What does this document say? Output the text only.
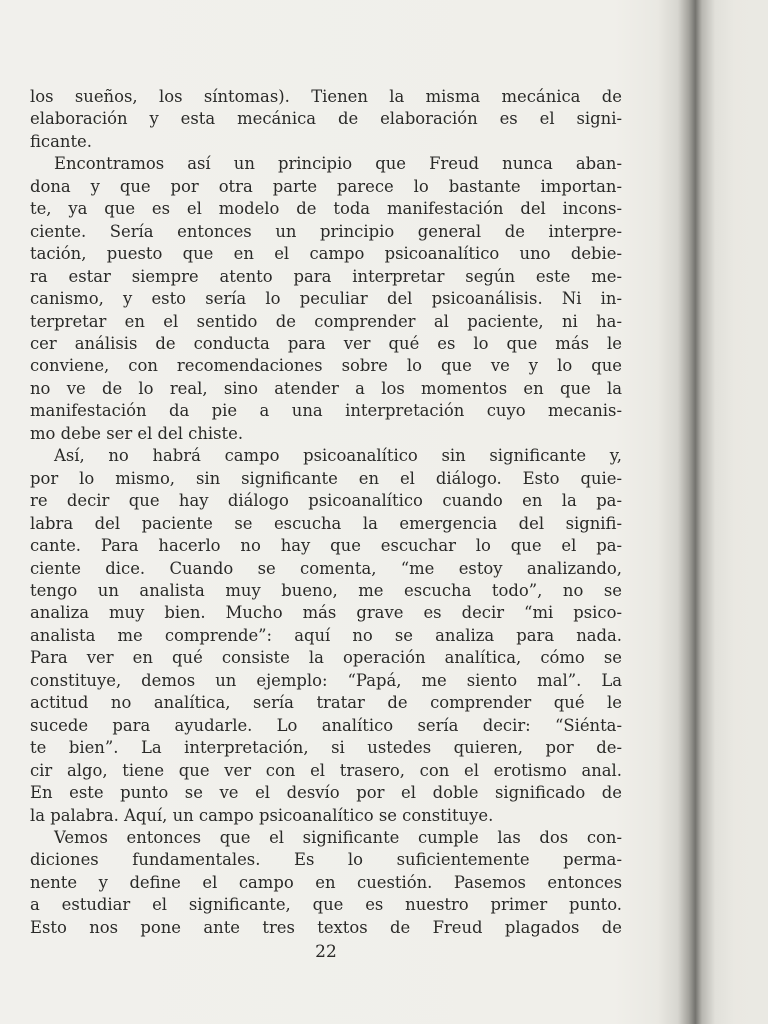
los sueños, los síntomas). Tienen la misma mecánica de
elaboración y esta mecánica de elaboración es el signi-
ficante.
Encontramos así un principio que Freud nunca aban-
dona y que por otra parte parece lo bastante importan-
te, ya que es el modelo de toda manifestación del incons-
ciente. Sería entonces un principio general de interpre-
tación, puesto que en el campo psicoanalítico uno debie-
ra estar siempre atento para interpretar según este me-
canismo, y esto sería lo peculiar del psicoanálisis. Ni in-
terpretar en el sentido de comprender al paciente, ni ha-
cer análisis de conducta para ver qué es lo que más le
conviene, con recomendaciones sobre lo que ve y lo que
no ve de lo real, sino atender a los momentos en que la
manifestación da pie a una interpretación cuyo mecanis-
mo debe ser el del chiste.
Así, no habrá campo psicoanalítico sin significante y,
por lo mismo, sin significante en el diálogo. Esto quie-
re decir que hay diálogo psicoanalítico cuando en la pa-
labra del paciente se escucha la emergencia del signifi-
cante. Para hacerlo no hay que escuchar lo que el pa-
ciente dice. Cuando se comenta, “me estoy analizando,
tengo un analista muy bueno, me escucha todo”, no se
analiza muy bien. Mucho más grave es decir “mi psico-
analista me comprende”: aquí no se analiza para nada.
Para ver en qué consiste la operación analítica, cómo se
constituye, demos un ejemplo: “Papá, me siento mal”. La
actitud no analítica, sería tratar de comprender qué le
sucede para ayudarle. Lo analítico sería decir: “Siénta-
te bien”. La interpretación, si ustedes quieren, por de-
cir algo, tiene que ver con el trasero, con el erotismo anal.
En este punto se ve el desvío por el doble significado de
la palabra. Aquí, un campo psicoanalítico se constituye.
Vemos entonces que el significante cumple las dos con-
diciones fundamentales. Es lo suficientemente perma-
nente y define el campo en cuestión. Pasemos entonces
a estudiar el significante, que es nuestro primer punto.
Esto nos pone ante tres textos de Freud plagados de
22
